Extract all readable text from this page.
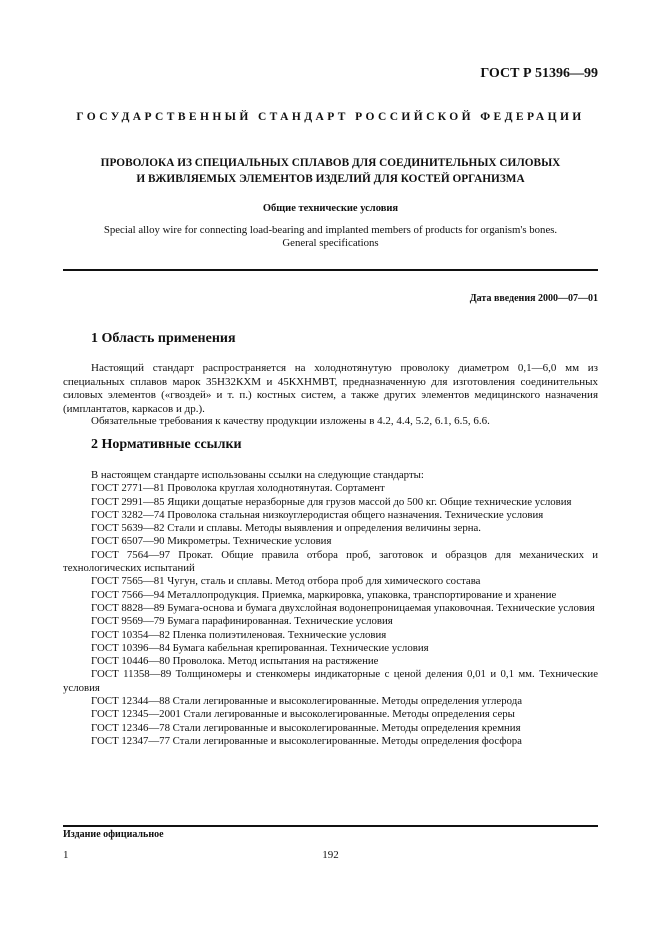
ГОСТ Р 51396—99
ГОСУДАРСТВЕННЫЙ СТАНДАРТ РОССИЙСКОЙ ФЕДЕРАЦИИ
ПРОВОЛОКА ИЗ СПЕЦИАЛЬНЫХ СПЛАВОВ ДЛЯ СОЕДИНИТЕЛЬНЫХ СИЛОВЫХ
И ВЖИВЛЯЕМЫХ ЭЛЕМЕНТОВ ИЗДЕЛИЙ ДЛЯ КОСТЕЙ ОРГАНИЗМА
Общие технические условия
Special alloy wire for connecting load-bearing and implanted members of products for organism's bones.
General specifications
Дата введения 2000—07—01
1 Область применения
Настоящий стандарт распространяется на холоднотянутую проволоку диаметром 0,1—6,0 мм из специальных сплавов марок 35Н32КХМ и 45КХНМВТ, предназначенную для изготовления соединительных силовых элементов («гвоздей» и т. п.) костных систем, а также других элементов медицинского назначения (имплантатов, каркасов и др.).
Обязательные требования к качеству продукции изложены в 4.2, 4.4, 5.2, 6.1, 6.5, 6.6.
2 Нормативные ссылки
В настоящем стандарте использованы ссылки на следующие стандарты:
ГОСТ 2771—81 Проволока круглая холоднотянутая. Сортамент
ГОСТ 2991—85 Ящики дощатые неразборные для грузов массой до 500 кг. Общие технические условия
ГОСТ 3282—74 Проволока стальная низкоуглеродистая общего назначения. Технические условия
ГОСТ 5639—82 Стали и сплавы. Методы выявления и определения величины зерна.
ГОСТ 6507—90 Микрометры. Технические условия
ГОСТ 7564—97 Прокат. Общие правила отбора проб, заготовок и образцов для механических и технологических испытаний
ГОСТ 7565—81 Чугун, сталь и сплавы. Метод отбора проб для химического состава
ГОСТ 7566—94 Металлопродукция. Приемка, маркировка, упаковка, транспортирование и хранение
ГОСТ 8828—89 Бумага-основа и бумага двухслойная водонепроницаемая упаковочная. Технические условия
ГОСТ 9569—79 Бумага парафинированная. Технические условия
ГОСТ 10354—82 Пленка полиэтиленовая. Технические условия
ГОСТ 10396—84 Бумага кабельная крепированная. Технические условия
ГОСТ 10446—80 Проволока. Метод испытания на растяжение
ГОСТ 11358—89 Толщиномеры и стенкомеры индикаторные с ценой деления 0,01 и 0,1 мм. Технические условия
ГОСТ 12344—88 Стали легированные и высоколегированные. Методы определения углерода
ГОСТ 12345—2001 Стали легированные и высоколегированные. Методы определения серы
ГОСТ 12346—78 Стали легированные и высоколегированные. Методы определения кремния
ГОСТ 12347—77 Стали легированные и высоколегированные. Методы определения фосфора
Издание официальное
1	192
